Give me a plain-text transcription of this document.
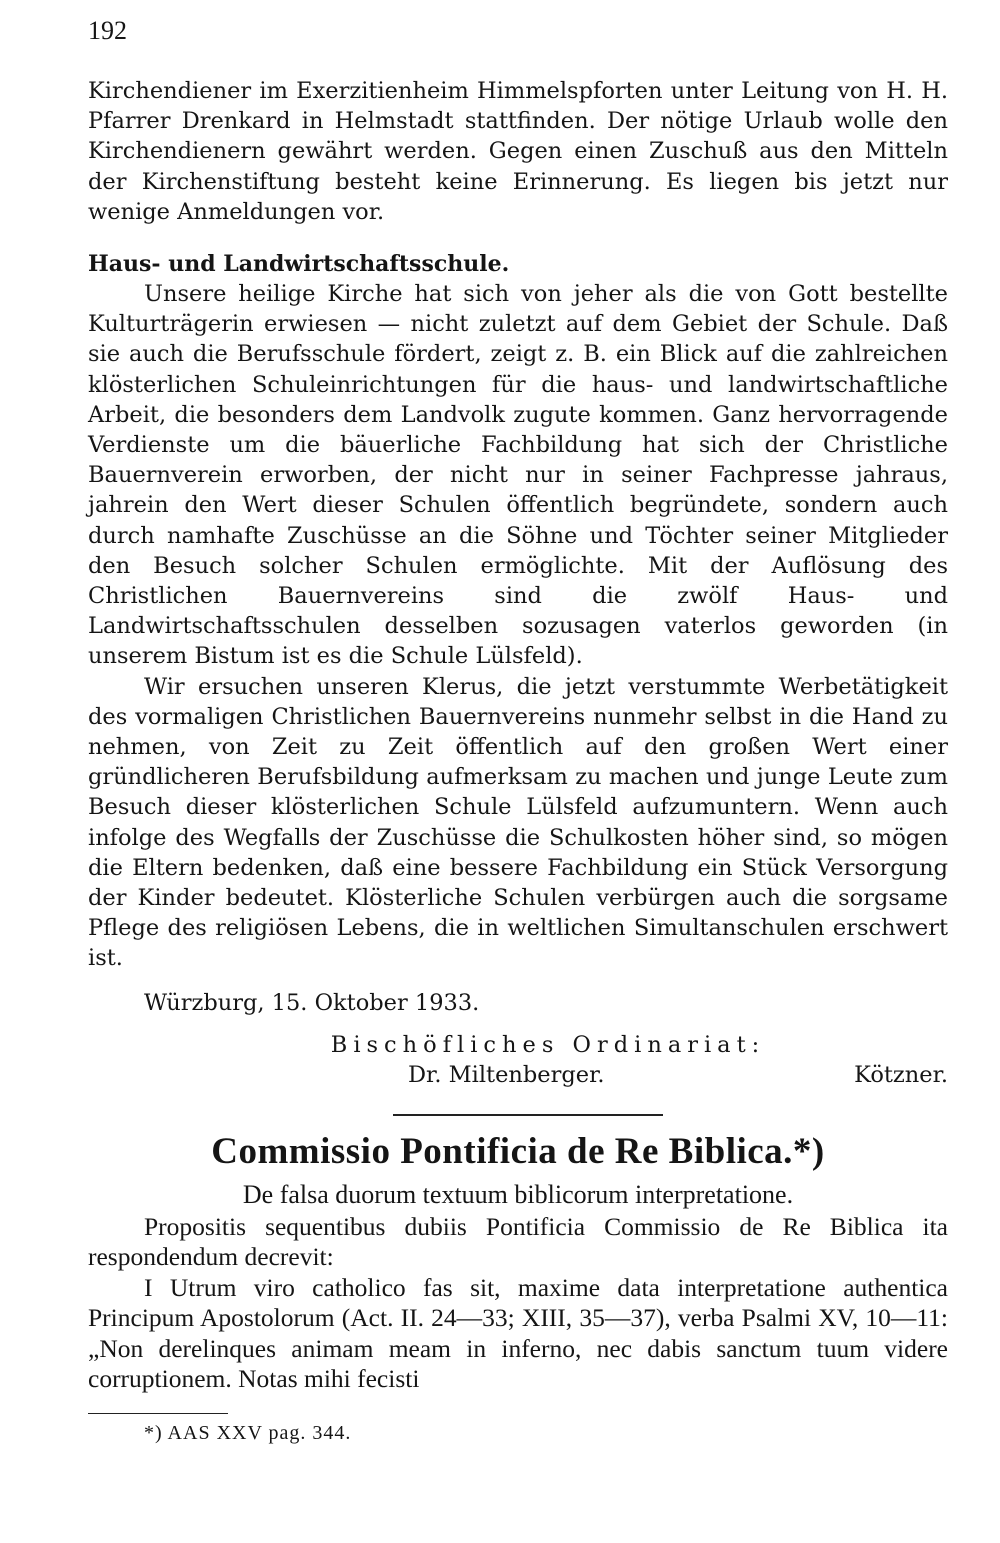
192

Kirchendiener im Exerzitienheim Himmelspforten unter Leitung von H. H. Pfarrer Drenkard in Helmstadt stattfinden. Der nötige Urlaub wolle den Kirchendienern gewährt werden. Gegen einen Zuschuß aus den Mitteln der Kirchenstiftung besteht keine Erinnerung. Es liegen bis jetzt nur wenige Anmeldungen vor.

Haus- und Landwirtschaftsschule.

Unsere heilige Kirche hat sich von jeher als die von Gott bestellte Kulturträgerin erwiesen — nicht zuletzt auf dem Gebiet der Schule. Daß sie auch die Berufsschule fördert, zeigt z. B. ein Blick auf die zahlreichen klösterlichen Schuleinrichtungen für die haus- und landwirtschaftliche Arbeit, die besonders dem Landvolk zugute kommen. Ganz hervorragende Verdienste um die bäuerliche Fachbildung hat sich der Christliche Bauernverein erworben, der nicht nur in seiner Fachpresse jahraus, jahrein den Wert dieser Schulen öffentlich begründete, sondern auch durch namhafte Zuschüsse an die Söhne und Töchter seiner Mitglieder den Besuch solcher Schulen ermöglichte. Mit der Auflösung des Christlichen Bauernvereins sind die zwölf Haus- und Landwirtschaftsschulen desselben sozusagen vaterlos geworden (in unserem Bistum ist es die Schule Lülsfeld).

Wir ersuchen unseren Klerus, die jetzt verstummte Werbetätigkeit des vormaligen Christlichen Bauernvereins nunmehr selbst in die Hand zu nehmen, von Zeit zu Zeit öffentlich auf den großen Wert einer gründlicheren Berufsbildung aufmerksam zu machen und junge Leute zum Besuch dieser klösterlichen Schule Lülsfeld aufzumuntern. Wenn auch infolge des Wegfalls der Zuschüsse die Schulkosten höher sind, so mögen die Eltern bedenken, daß eine bessere Fachbildung ein Stück Versorgung der Kinder bedeutet. Klösterliche Schulen verbürgen auch die sorgsame Pflege des religiösen Lebens, die in weltlichen Simultanschulen erschwert ist.

Würzburg, 15. Oktober 1933.
Bischöfliches Ordinariat:
Dr. Miltenberger.	Kötzner.
Commissio Pontificia de Re Biblica.*)
De falsa duorum textuum biblicorum interpretatione.

Propositis sequentibus dubiis Pontificia Commissio de Re Biblica ita respondendum decrevit:

I Utrum viro catholico fas sit, maxime data interpretatione authentica Principum Apostolorum (Act. II. 24—33; XIII, 35—37), verba Psalmi XV, 10—11: „Non derelinques animam meam in inferno, nec dabis sanctum tuum videre corruptionem. Notas mihi fecisti

*) AAS XXV pag. 344.
